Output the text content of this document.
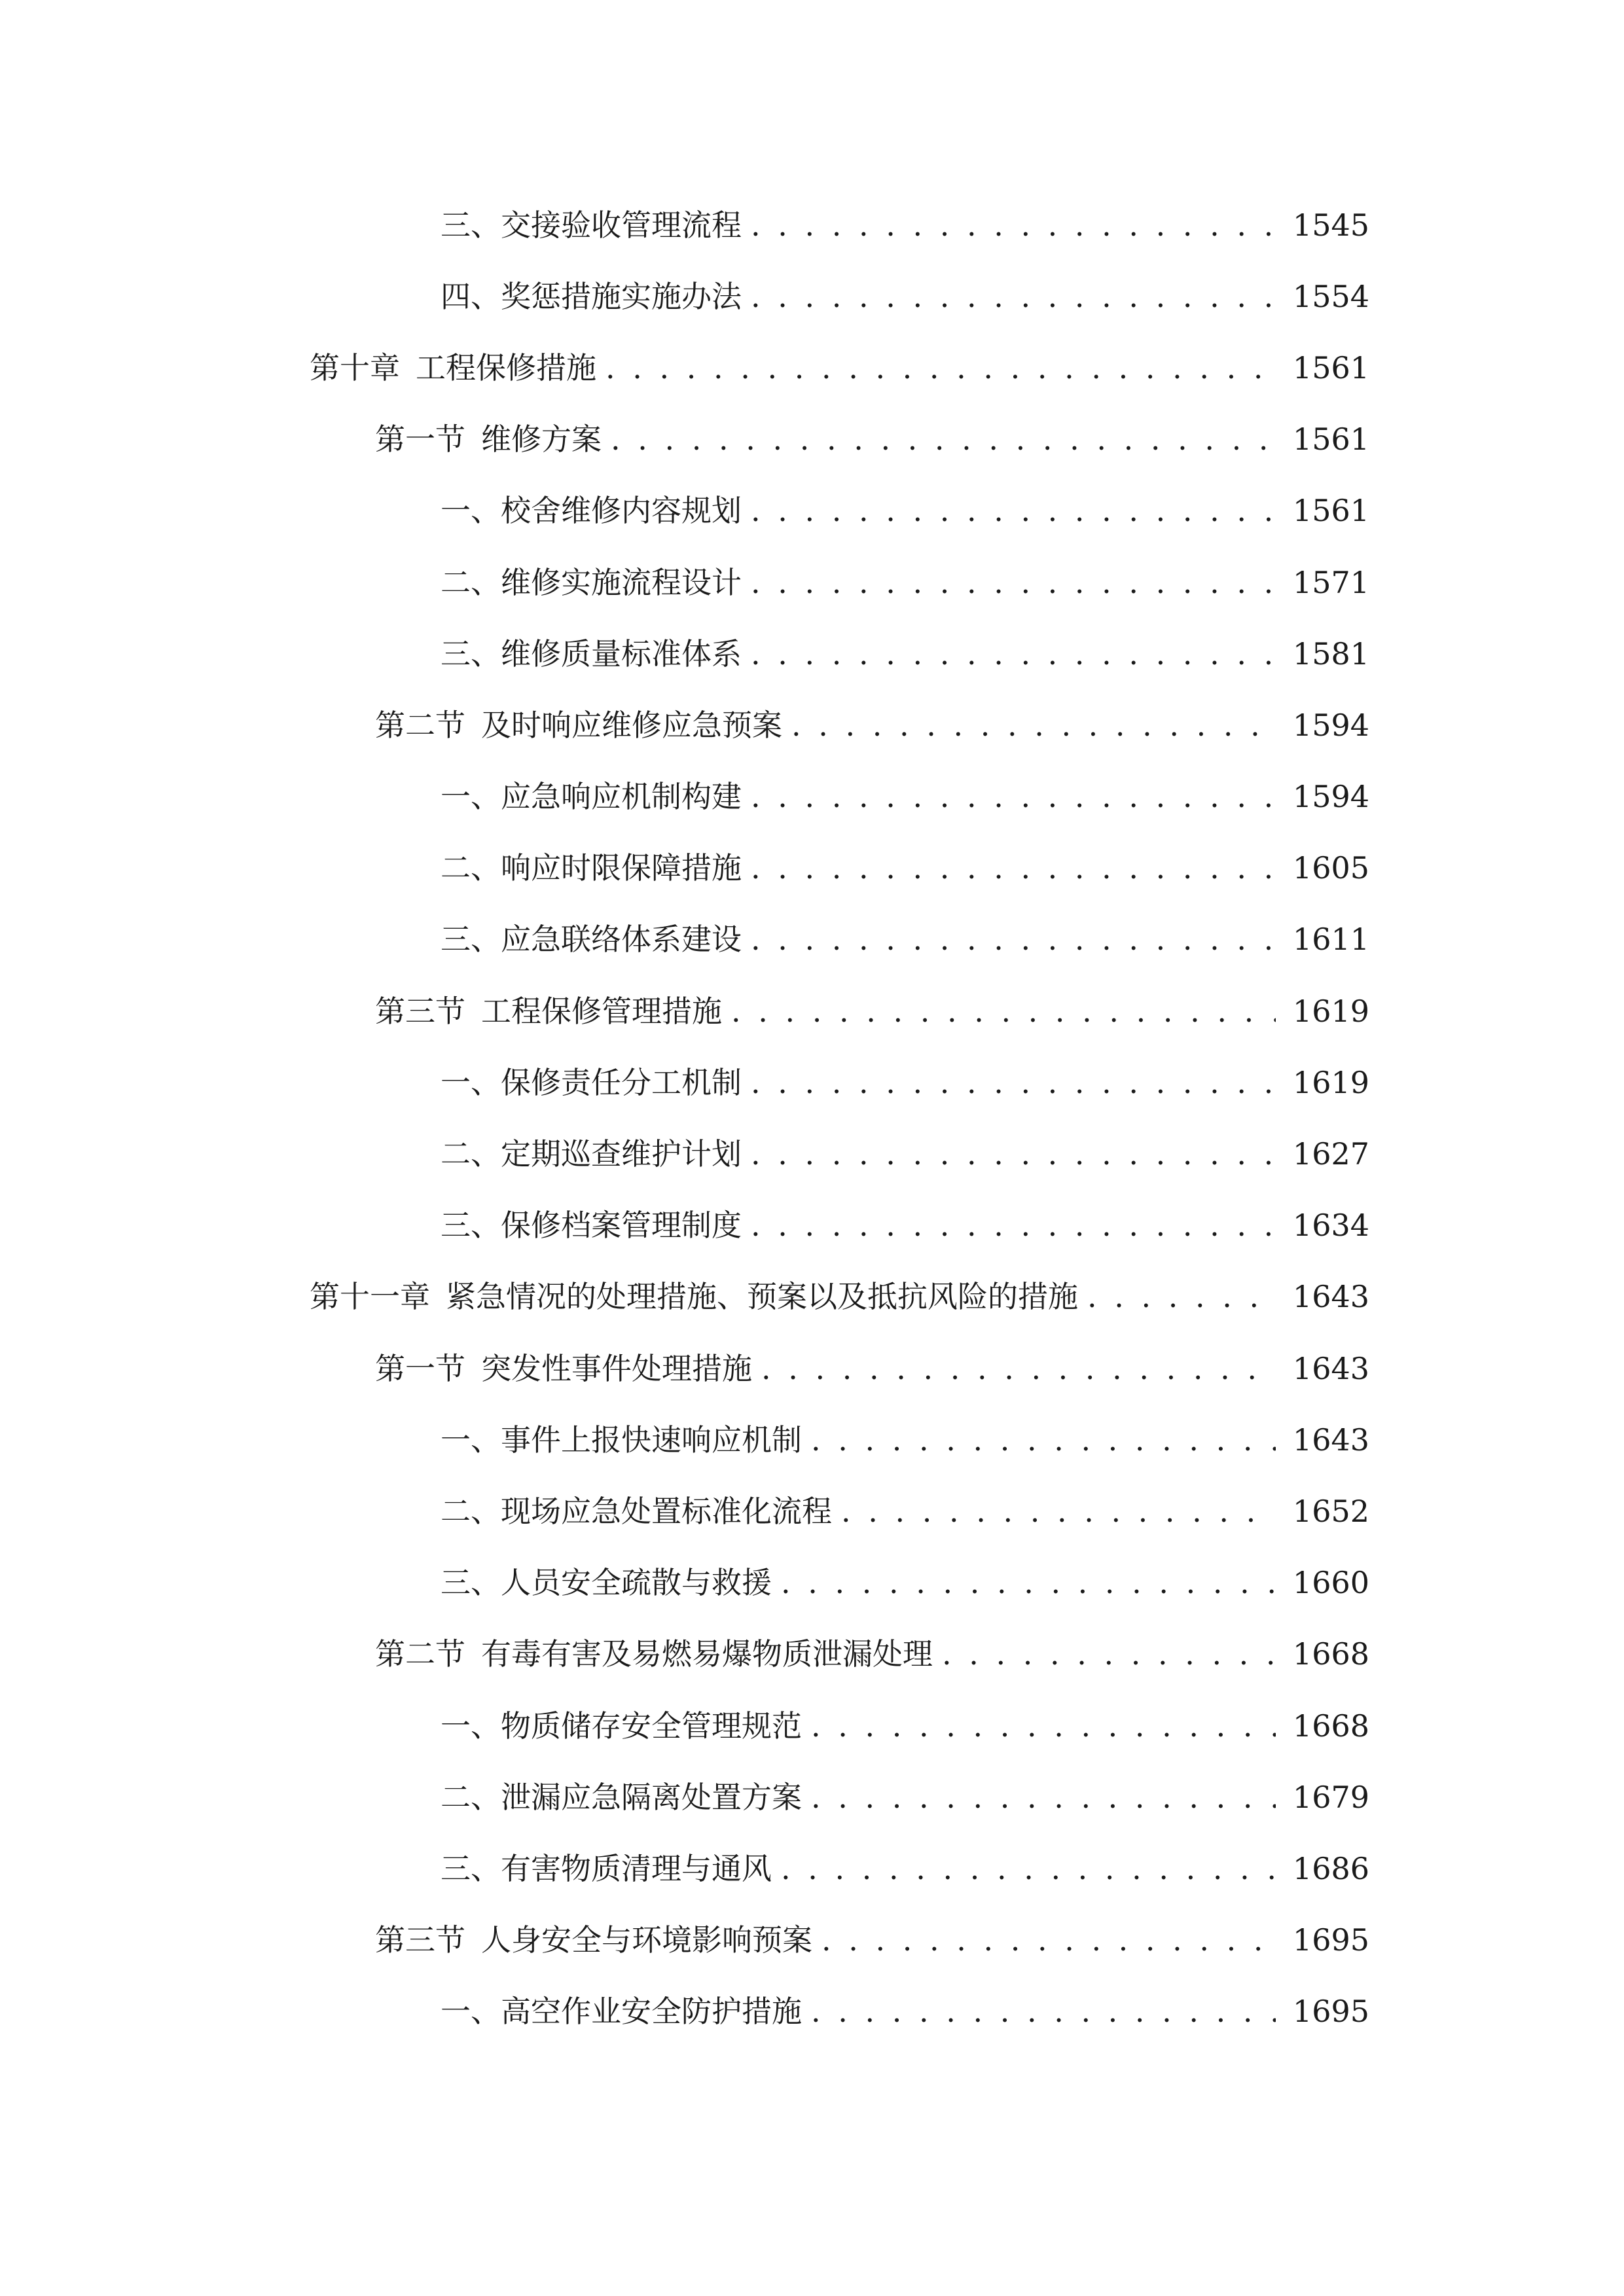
三、 交接验收管理流程 . . .	1545
四、 奖惩措施实施办法 . . .	1554
第十章 工程保修措施 . . .	1561
第一节 维修方案 . . .	1561
一、 校舍维修内容规划 . . .	1561
二、 维修实施流程设计 . . .	1571
三、 维修质量标准体系 . . .	1581
第二节 及时响应维修应急预案 . . .	1594
一、 应急响应机制构建 . . .	1594
二、 响应时限保障措施 . . .	1605
三、 应急联络体系建设 . . .	1611
第三节 工程保修管理措施 . . .	1619
一、 保修责任分工机制 . . .	1619
二、 定期巡查维护计划 . . .	1627
三、 保修档案管理制度 . . .	1634
第十一章 紧急情况的处理措施、预案以及抵抗风险的措施 . . .	1643
第一节 突发性事件处理措施 . . .	1643
一、 事件上报快速响应机制 . . .	1643
二、 现场应急处置标准化流程 . . .	1652
三、 人员安全疏散与救援 . . .	1660
第二节 有毒有害及易燃易爆物质泄漏处理 . . .	1668
一、 物质储存安全管理规范 . . .	1668
二、 泄漏应急隔离处置方案 . . .	1679
三、 有害物质清理与通风 . . .	1686
第三节 人身安全与环境影响预案 . . .	1695
一、 高空作业安全防护措施 . . .	1695
